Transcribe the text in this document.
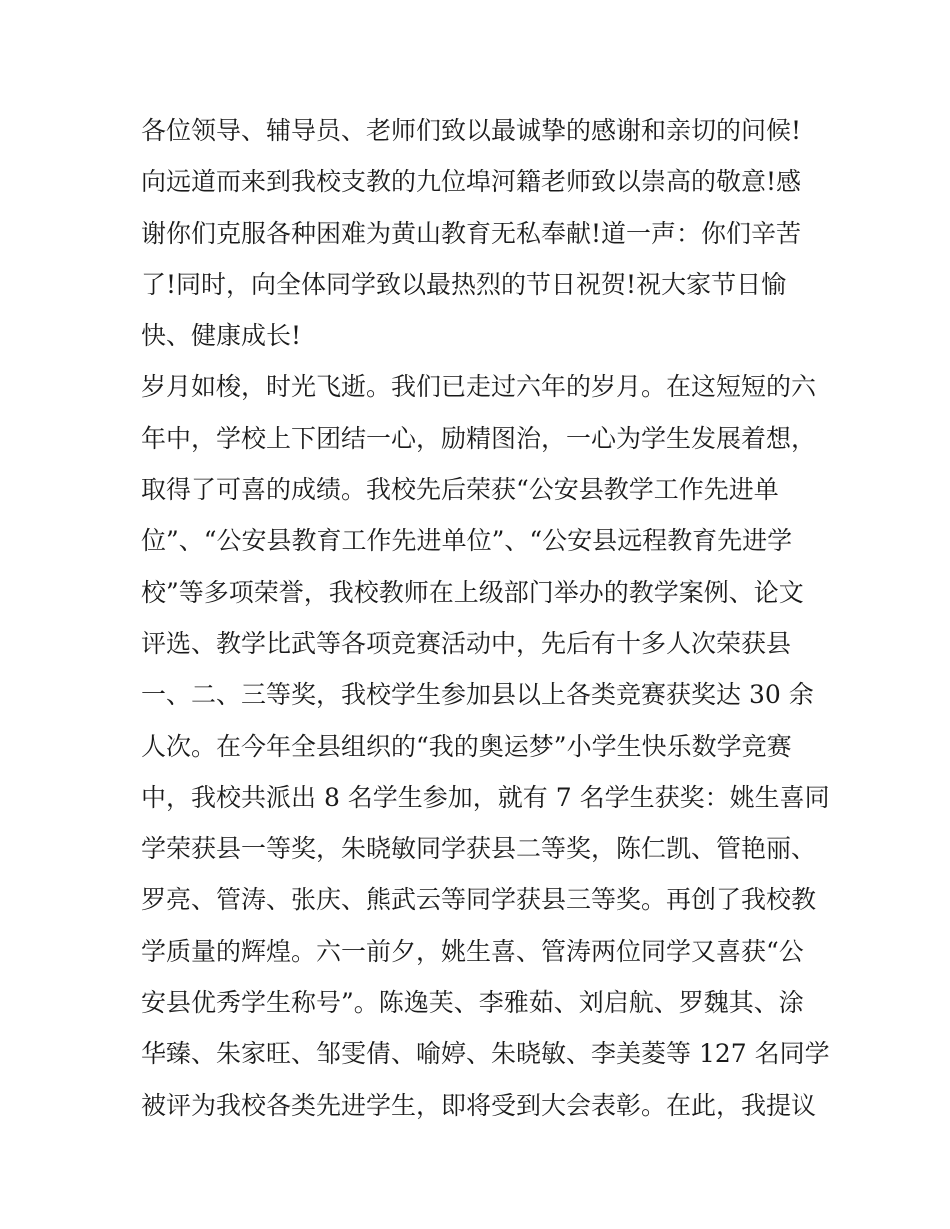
各位领导、辅导员、老师们致以最诚挚的感谢和亲切的问候!
向远道而来到我校支教的九位埠河籍老师致以崇高的敬意!感
谢你们克服各种困难为黄山教育无私奉献!道一声：你们辛苦
了!同时，向全体同学致以最热烈的节日祝贺!祝大家节日愉
快、健康成长!
岁月如梭，时光飞逝。我们已走过六年的岁月。在这短短的六
年中，学校上下团结一心，励精图治，一心为学生发展着想，
取得了可喜的成绩。我校先后荣获“公安县教学工作先进单
位”、“公安县教育工作先进单位”、“公安县远程教育先进学
校”等多项荣誉，我校教师在上级部门举办的教学案例、论文
评选、教学比武等各项竞赛活动中，先后有十多人次荣获县
一、二、三等奖，我校学生参加县以上各类竞赛获奖达 30 余
人次。在今年全县组织的“我的奥运梦”小学生快乐数学竞赛
中，我校共派出 8 名学生参加，就有 7 名学生获奖：姚生喜同
学荣获县一等奖，朱晓敏同学获县二等奖，陈仁凯、管艳丽、
罗亮、管涛、张庆、熊武云等同学获县三等奖。再创了我校教
学质量的辉煌。六一前夕，姚生喜、管涛两位同学又喜获“公
安县优秀学生称号”。陈逸芙、李雅茹、刘启航、罗魏其、涂
华臻、朱家旺、邹雯倩、喻婷、朱晓敏、李美菱等 127 名同学
被评为我校各类先进学生，即将受到大会表彰。在此，我提议
